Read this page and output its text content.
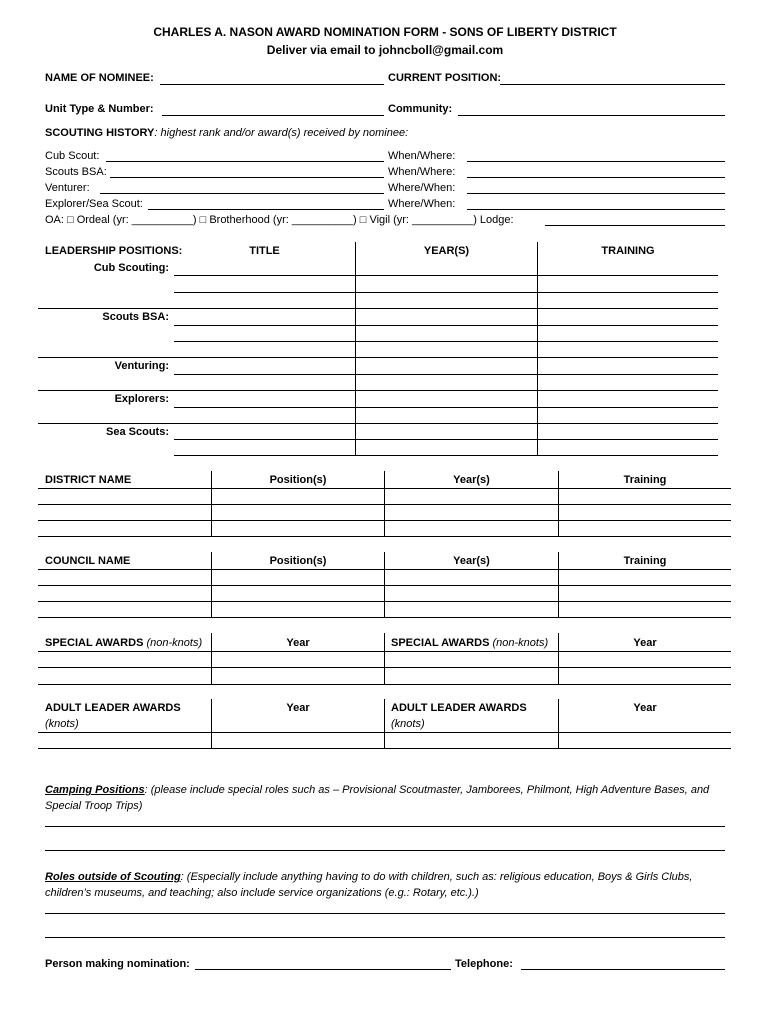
CHARLES A. NASON AWARD NOMINATION FORM - SONS OF LIBERTY DISTRICT
Deliver via email to johncboll@gmail.com
NAME OF NOMINEE:	CURRENT POSITION:
Unit Type & Number:	Community:
SCOUTING HISTORY: highest rank and/or award(s) received by nominee:
Cub Scout:	When/Where:
Scouts BSA:	When/Where:
Venturer:	Where/When:
Explorer/Sea Scout:	Where/When:
OA: □ Ordeal (yr: __________) □ Brotherhood (yr: __________) □ Vigil (yr: __________) Lodge:
LEADERSHIP POSITIONS:	TITLE	YEAR(S)	TRAINING
Cub Scouting:
Scouts BSA:
Venturing:
Explorers:
Sea Scouts:
DISTRICT NAME	Position(s)	Year(s)	Training
COUNCIL NAME	Position(s)	Year(s)	Training
SPECIAL AWARDS (non-knots)	Year	SPECIAL AWARDS (non-knots)	Year
ADULT LEADER AWARDS
(knots)
Year	ADULT LEADER AWARDS
(knots)
Year
Camping Positions: (please include special roles such as – Provisional Scoutmaster, Jamborees, Philmont, High Adventure Bases, and Special Troop Trips)
Roles outside of Scouting: (Especially include anything having to do with children, such as: religious education, Boys & Girls Clubs, children’s museums, and teaching; also include service organizations (e.g.: Rotary, etc.).)
Person making nomination:	Telephone:
